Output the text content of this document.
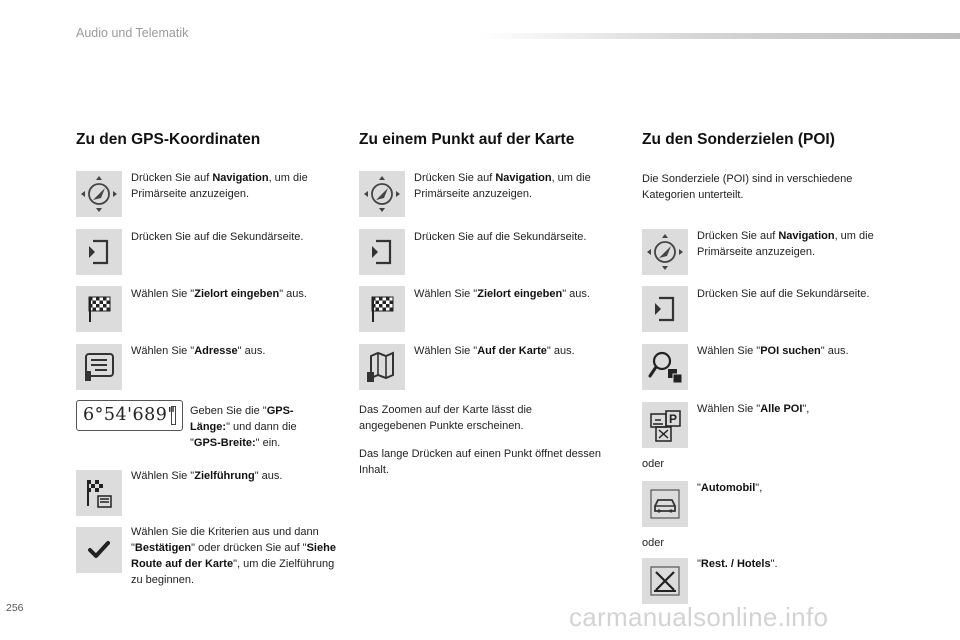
Audio und Telematik
Zu den GPS-Koordinaten	Zu einem Punkt auf der Karte	Zu den Sonderzielen (POI)
Drücken Sie auf Navigation, um die Primärseite anzuzeigen.
Drücken Sie auf die Sekundärseite.
Wählen Sie "Zielort eingeben" aus.
Wählen Sie "Adresse" aus.
6°54'689"	Geben Sie die "GPS-Länge:" und dann die "GPS-Breite:" ein.
Wählen Sie "Zielführung" aus.
Wählen Sie die Kriterien aus und dann "Bestätigen" oder drücken Sie auf "Siehe Route auf der Karte", um die Zielführung zu beginnen.
Drücken Sie auf Navigation, um die Primärseite anzuzeigen.
Drücken Sie auf die Sekundärseite.
Wählen Sie "Zielort eingeben" aus.
Wählen Sie "Auf der Karte" aus.
Das Zoomen auf der Karte lässt die angegebenen Punkte erscheinen.
Das lange Drücken auf einen Punkt öffnet dessen Inhalt.
Die Sonderziele (POI) sind in verschiedene Kategorien unterteilt.
Drücken Sie auf Navigation, um die Primärseite anzuzeigen.
Drücken Sie auf die Sekundärseite.
Wählen Sie "POI suchen" aus.
P
Wählen Sie "Alle POI",
oder
"Automobil",
oder
"Rest. / Hotels".
256	carmanualsonline.info
